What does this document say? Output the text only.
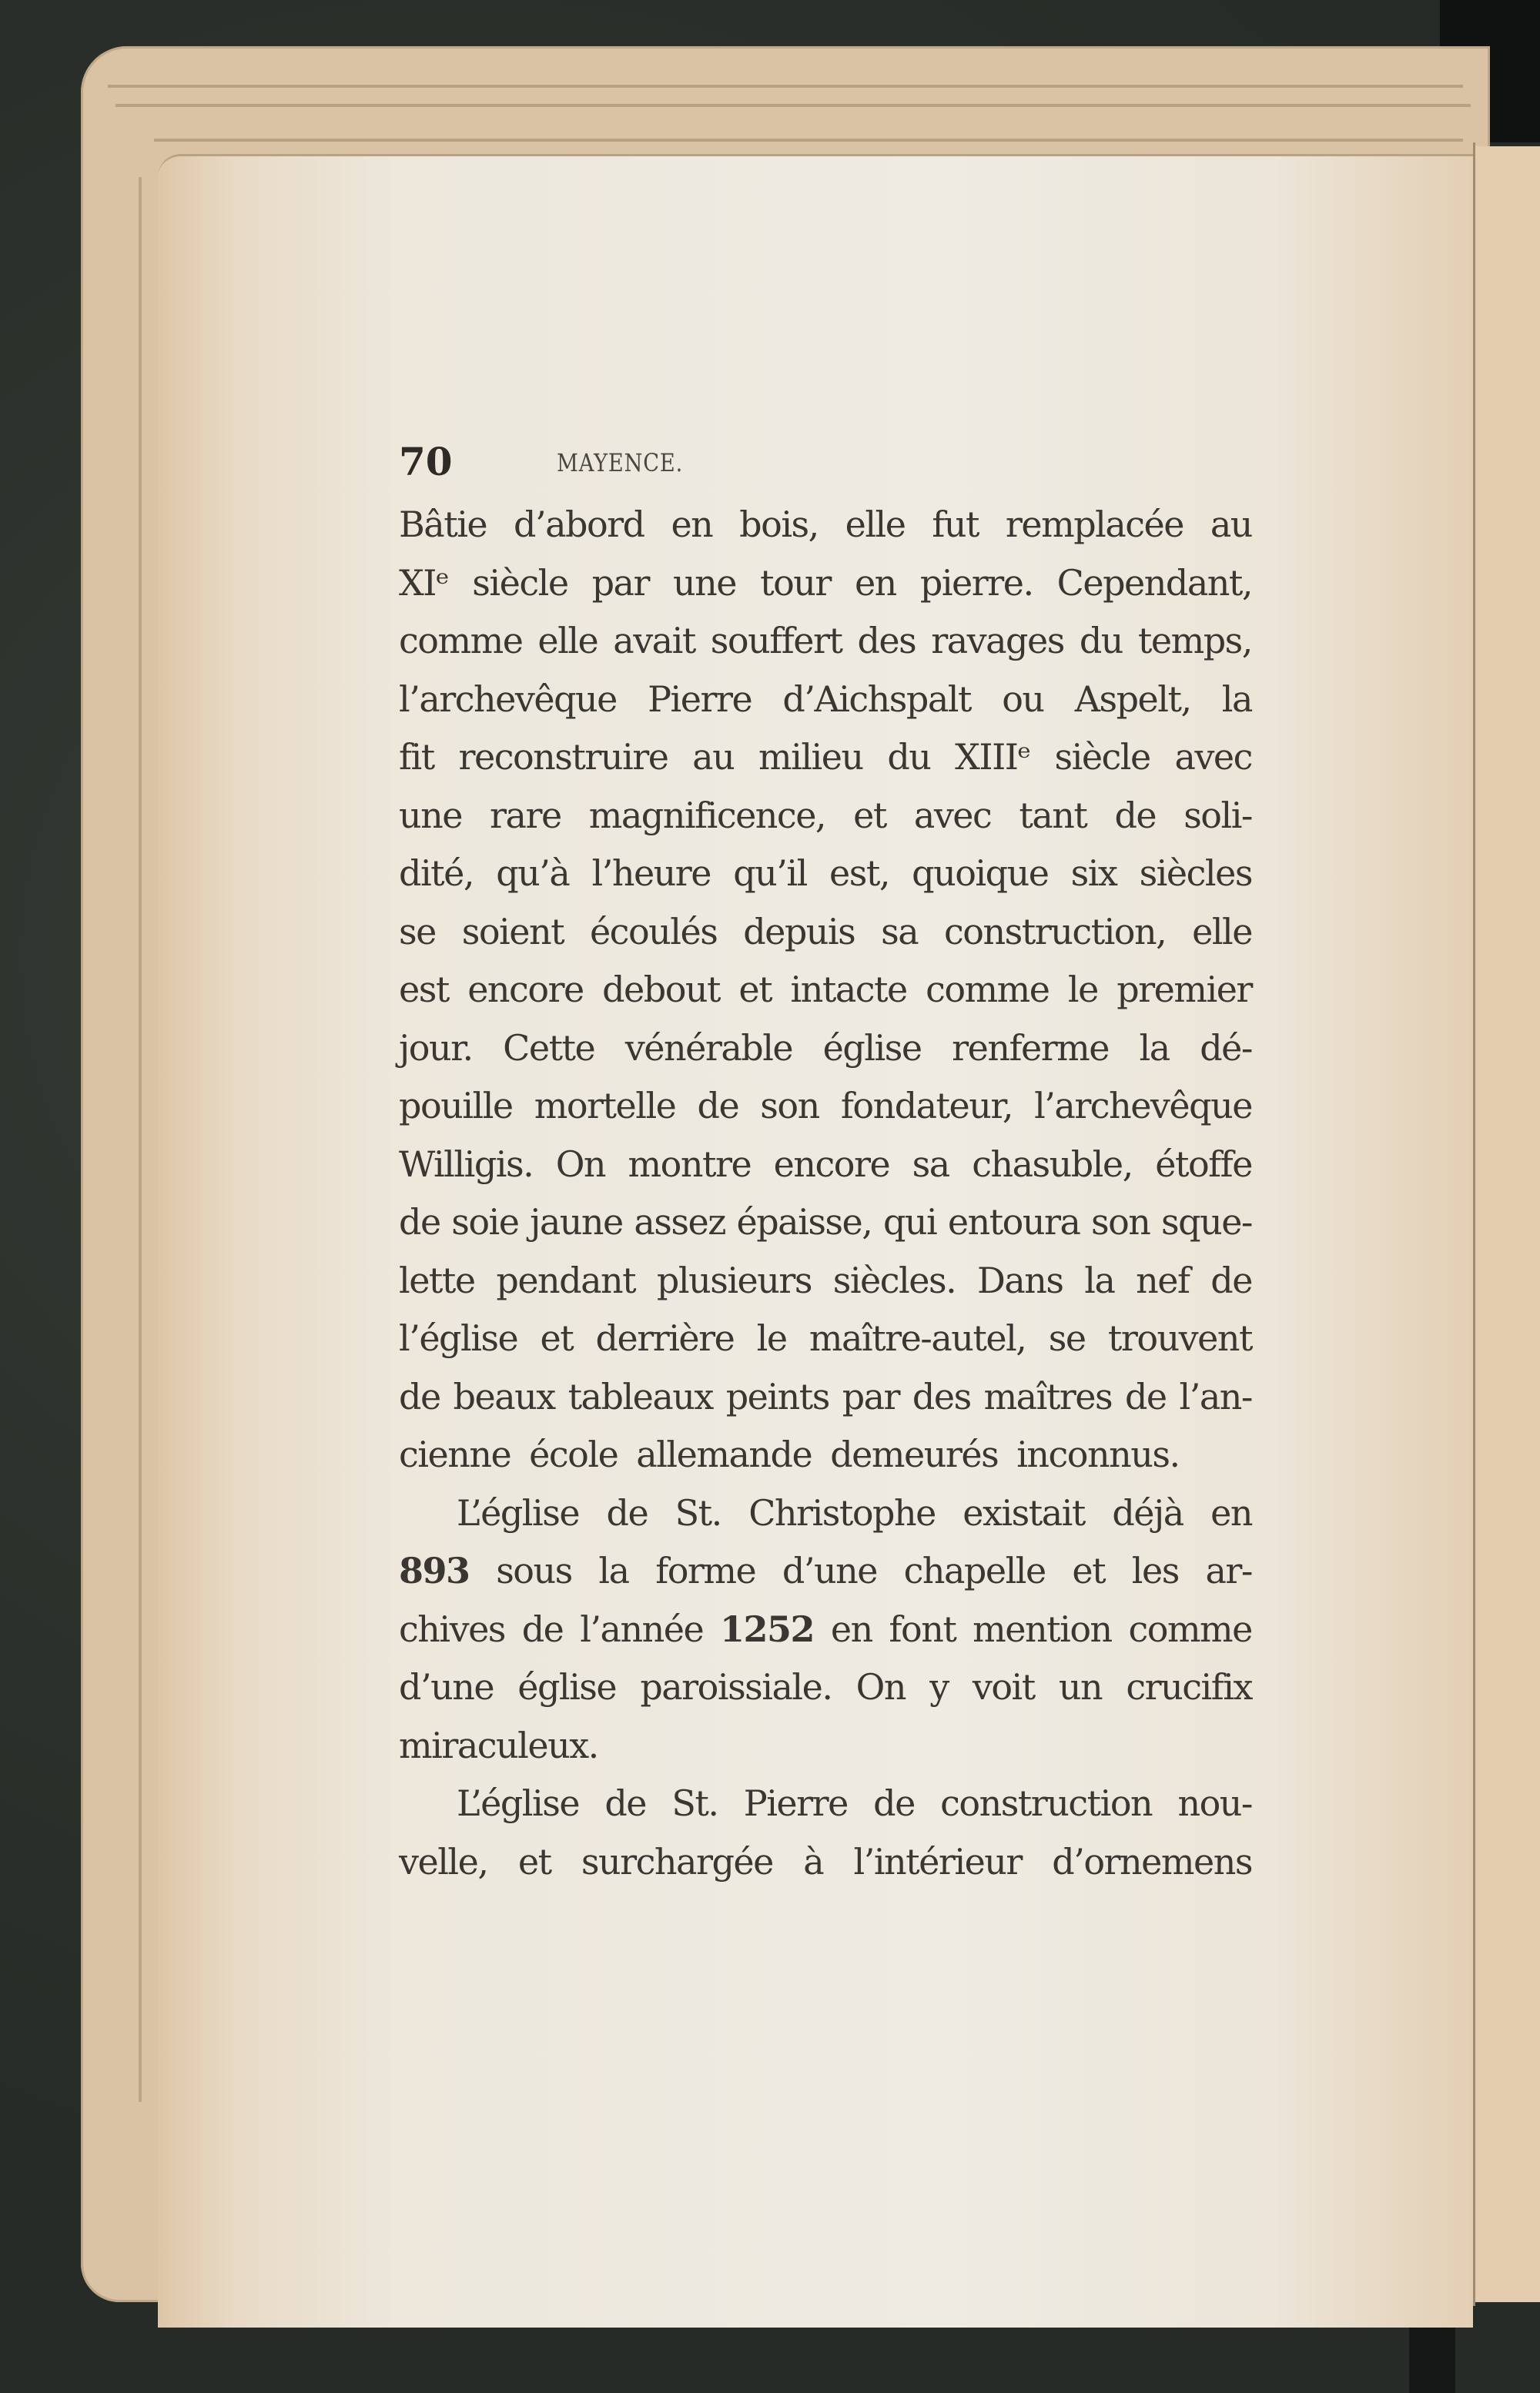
70	MAYENCE.
Bâtie d’abord en bois, elle fut remplacée au
XIᵉ siècle par une tour en pierre. Cependant,
comme elle avait souffert des ravages du temps,
l’archevêque Pierre d’Aichspalt ou Aspelt, la
fit reconstruire au milieu du XIIIᵉ siècle avec
une rare magnificence, et avec tant de soli-
dité, qu’à l’heure qu’il est, quoique six siècles
se soient écoulés depuis sa construction, elle
est encore debout et intacte comme le premier
jour. Cette vénérable église renferme la dé-
pouille mortelle de son fondateur, l’archevêque
Willigis. On montre encore sa chasuble, étoffe
de soie jaune assez épaisse, qui entoura son sque-
lette pendant plusieurs siècles. Dans la nef de
l’église et derrière le maître-autel, se trouvent
de beaux tableaux peints par des maîtres de l’an-
cienne école allemande demeurés inconnus.
L’église de St. Christophe existait déjà en
893 sous la forme d’une chapelle et les ar-
chives de l’année 1252 en font mention comme
d’une église paroissiale. On y voit un crucifix
miraculeux.
L’église de St. Pierre de construction nou-
velle, et surchargée à l’intérieur d’ornemens
